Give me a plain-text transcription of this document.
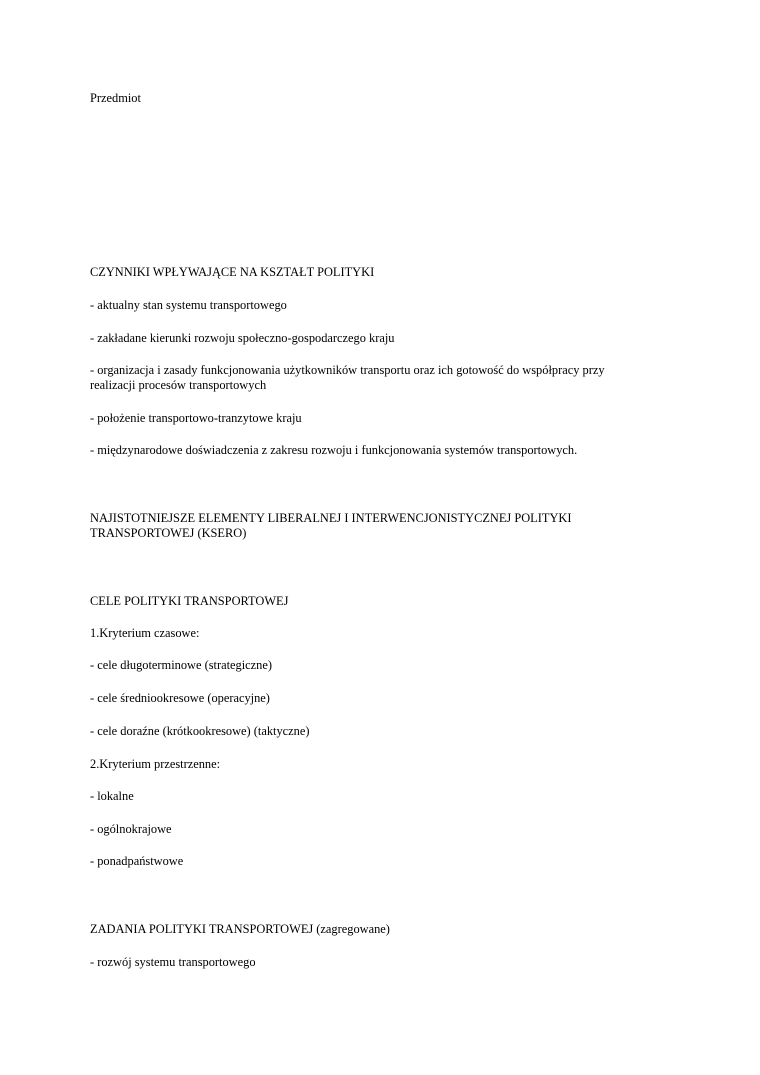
Przedmiot

CZYNNIKI WPŁYWAJĄCE NA KSZTAŁT POLITYKI

- aktualny stan systemu transportowego

- zakładane kierunki rozwoju społeczno-gospodarczego kraju

- organizacja i zasady funkcjonowania użytkowników transportu oraz ich gotowość do współpracy przy realizacji procesów transportowych

- położenie transportowo-tranzytowe kraju

- międzynarodowe doświadczenia z zakresu rozwoju i funkcjonowania systemów transportowych.

NAJISTOTNIEJSZE ELEMENTY LIBERALNEJ I INTERWENCJONISTYCZNEJ POLITYKI TRANSPORTOWEJ (KSERO)

CELE POLITYKI TRANSPORTOWEJ

1.Kryterium czasowe:

- cele długoterminowe (strategiczne)

- cele średniookresowe (operacyjne)

- cele doraźne (krótkookresowe) (taktyczne)

2.Kryterium przestrzenne:

- lokalne

- ogólnokrajowe

- ponadpaństwowe

ZADANIA POLITYKI TRANSPORTOWEJ (zagregowane)

- rozwój systemu transportowego
